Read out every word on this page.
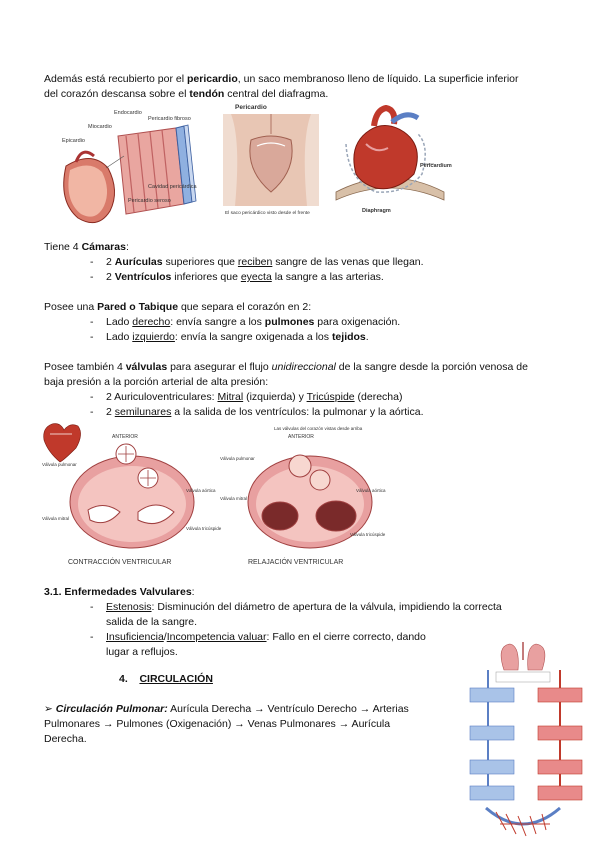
Además está recubierto por el pericardio, un saco membranoso lleno de líquido. La superficie inferior
del corazón descansa sobre el tendón central del diafragma.
Endocardio
Miocardio
Epicardio
Pericardio fibroso
Pericardio seroso
Cavidad pericárdica
Pericardio
El saco pericárdico visto desde el frente
Pericardium
Diaphragm
Tiene 4 Cámaras:
- 2 Aurículas superiores que reciben sangre de las venas que llegan.
- 2 Ventrículos inferiores que eyecta la sangre a las arterias.
Posee una Pared o Tabique que separa el corazón en 2:
- Lado derecho: envía sangre a los pulmones para oxigenación.
- Lado izquierdo: envía la sangre oxigenada a los tejidos.
Posee también 4 válvulas para asegurar el flujo unidireccional de la sangre desde la porción venosa de
baja presión a la porción arterial de alta presión:
- 2 Auriculoventriculares: Mitral (izquierda) y Tricúspide (derecha)
- 2 semilunares a la salida de los ventrículos: la pulmonar y la aórtica.
ANTERIOR	ANTERIOR
Las válvulas del corazón vistas desde arriba
Válvula pulmonar
Válvula mitral
Válvula aórtica
Válvula tricúspide
CONTRACCIÓN VENTRICULAR
Válvula pulmonar
Válvula aórtica
Válvula mitral
Válvula tricúspide
RELAJACIÓN VENTRICULAR
3.1. Enfermedades Valvulares:
- Estenosis: Disminución del diámetro de apertura de la válvula, impidiendo la correcta
salida de la sangre.
- Insuficiencia/Incompetencia valuar: Fallo en el cierre correcto, dando
lugar a reflujos.
4. CIRCULACIÓN
➢ Circulación Pulmonar: Aurícula Derecha → Ventrículo Derecho → Arterias
Pulmonares → Pulmones (Oxigenación) → Venas Pulmonares → Aurícula
Derecha.
